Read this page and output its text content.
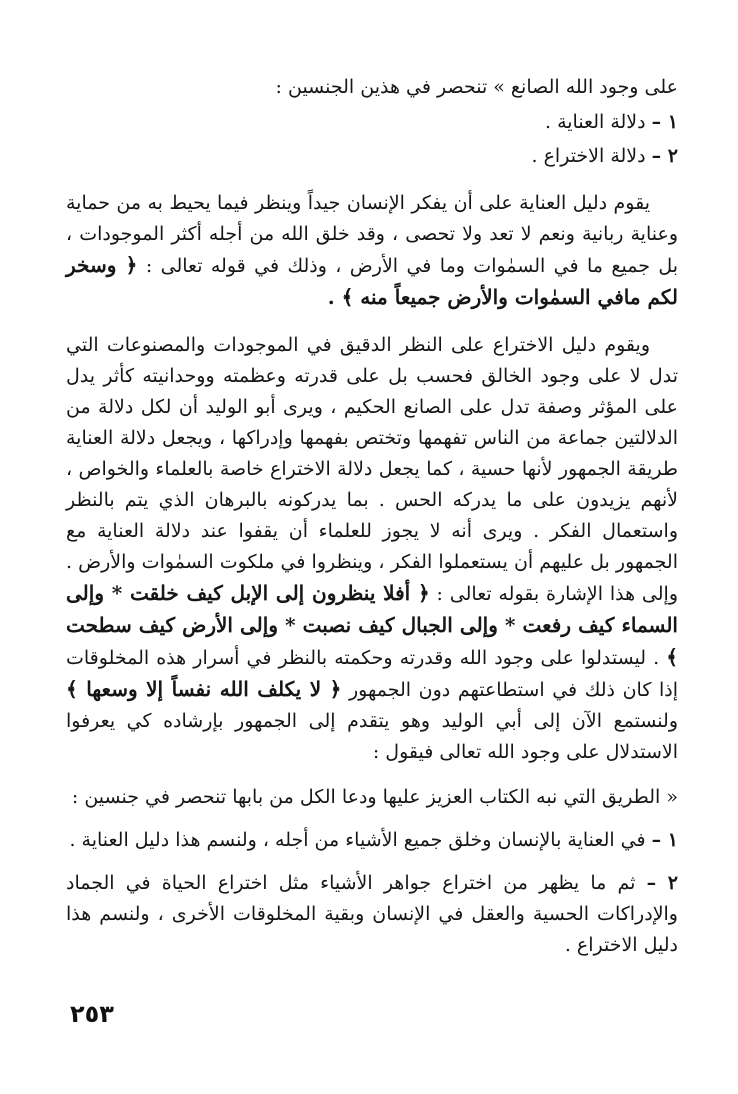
على وجود الله الصانع » تنحصر في هذين الجنسين :

١ – دلالة العناية .

٢ – دلالة الاختراع .

يقوم دليل العناية على أن يفكر الإنسان جيداً وينظر فيما يحيط به من حماية وعناية ربانية ونعم لا تعد ولا تحصى ، وقد خلق الله من أجله أكثر الموجودات ، بل جميع ما في السمٰوات وما في الأرض ، وذلك في قوله تعالى : ﴿ وسخر لكم مافي السمٰوات والأرض جميعاً منه ﴾ .

ويقوم دليل الاختراع على النظر الدقيق في الموجودات والمصنوعات التي تدل لا على وجود الخالق فحسب بل على قدرته وعظمته ووحدانيته كأثر يدل على المؤثر وصفة تدل على الصانع الحكيم ، ويرى أبو الوليد أن لكل دلالة من الدلالتين جماعة من الناس تفهمها وتختص بفهمها وإدراكها ، ويجعل دلالة العناية طريقة الجمهور لأنها حسية ، كما يجعل دلالة الاختراع خاصة بالعلماء والخواص ، لأنهم يزيدون على ما يدركه الحس . بما يدركونه بالبرهان الذي يتم بالنظر واستعمال الفكر . ويرى أنه لا يجوز للعلماء أن يقفوا عند دلالة العناية مع الجمهور بل عليهم أن يستعملوا الفكر ، وينظروا في ملكوت السمٰوات والأرض . وإلى هذا الإشارة بقوله تعالى : ﴿ أفلا ينظرون إلى الإبل كيف خلقت * وإلى السماء كيف رفعت * وإلى الجبال كيف نصبت * وإلى الأرض كيف سطحت ﴾ . ليستدلوا على وجود الله وقدرته وحكمته بالنظر في أسرار هذه المخلوقات إذا كان ذلك في استطاعتهم دون الجمهور ﴿ لا يكلف الله نفساً إلا وسعها ﴾ ولنستمع الآن إلى أبي الوليد وهو يتقدم إلى الجمهور بإرشاده كي يعرفوا الاستدلال على وجود الله تعالى فيقول :

« الطريق التي نبه الكتاب العزيز عليها ودعا الكل من بابها تنحصر في جنسين :

١ – في العناية بالإنسان وخلق جميع الأشياء من أجله ، ولنسم هذا دليل العناية .

٢ – ثم ما يظهر من اختراع جواهر الأشياء مثل اختراع الحياة في الجماد والإدراكات الحسية والعقل في الإنسان وبقية المخلوقات الأخرى ، ولنسم هذا دليل الاختراع .

٢٥٣
